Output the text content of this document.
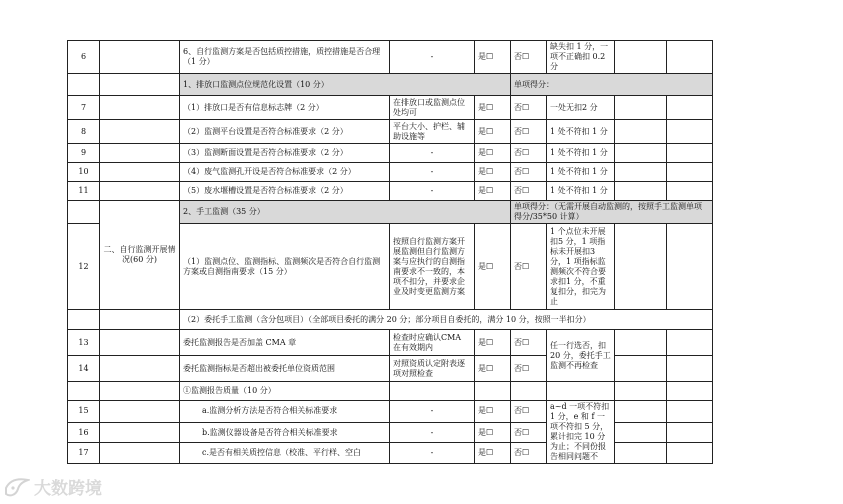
6		6、自行监测方案是否包括质控措施，质控措施是否合理（1 分）	-	是☐	否☐	缺失扣 1 分，一项不正确扣 0.2 分		
		1、排放口监测点位规范化设置（10 分）			单项得分：			
7		（1）排放口是否有信息标志牌（2 分）	在排放口或监测点位处均可	是☐	否☐	一处无扣2 分		
8		（2）监测平台设置是否符合标准要求（2 分）	平台大小、护栏、辅助设施等	是☐	否☐	1 处不符扣 1 分		
9		（3）监测断面设置是否符合标准要求（2 分）	-	是☐	否☐	1 处不符扣 1 分		
10		（4）废气监测孔开设是否符合标准要求（2 分）	-	是☐	否☐	1 处不符扣 1 分		
11		（5）废水堰槽设置是否符合标准要求（2 分）	-	是☐	否☐	1 处不符扣 1 分		
	二、自行监测开展情况(60 分)	2、手工监测（35 分）			单项得分：（无需开展自动监测的，按照手工监测单项得分/35*50 计算）			
12		（1）监测点位、监测指标、监测频次是否符合自行监测方案或自测指南要求（15 分）	按照自行监测方案开展监测但自行监测方案与应执行的自测指南要求不一致的，本项不扣分，并要求企业及时变更监测方案	是☐	否☐	1 个点位未开展扣5 分，1 项指标未开展扣3 分，1 项指标监测频次不符合要求扣1 分，不重复扣分，扣完为止		
		（2）委托手工监测（含分包项目）（全部项目委托的满分 20 分；部分项目自委托的，满分 10 分，按照一半扣分）						
13		委托监测报告是否加盖 CMA 章	检查时应确认CMA 在有效期内	是☐	否☐	任一行选否，扣 20 分，委托手工监测不再检查		
14		委托监测指标是否超出被委托单位资质范围	对照资质认定附表逐项对照检查	是☐	否☐			
		①监测报告质量（10 分）						
15		a.监测分析方法是否符合相关标准要求	-	是☐	否☐	a~d 一项不符扣 1 分，e 和 f 一项不符扣 5 分，累计扣完 10 分为止；不同份报告相同问题不		
16		b.监测仪器设备是否符合相关标准要求	-	是☐	否☐			
17		c.是否有相关质控信息（校准、平行样、空白	-	是☐	否☐			
大数跨境
